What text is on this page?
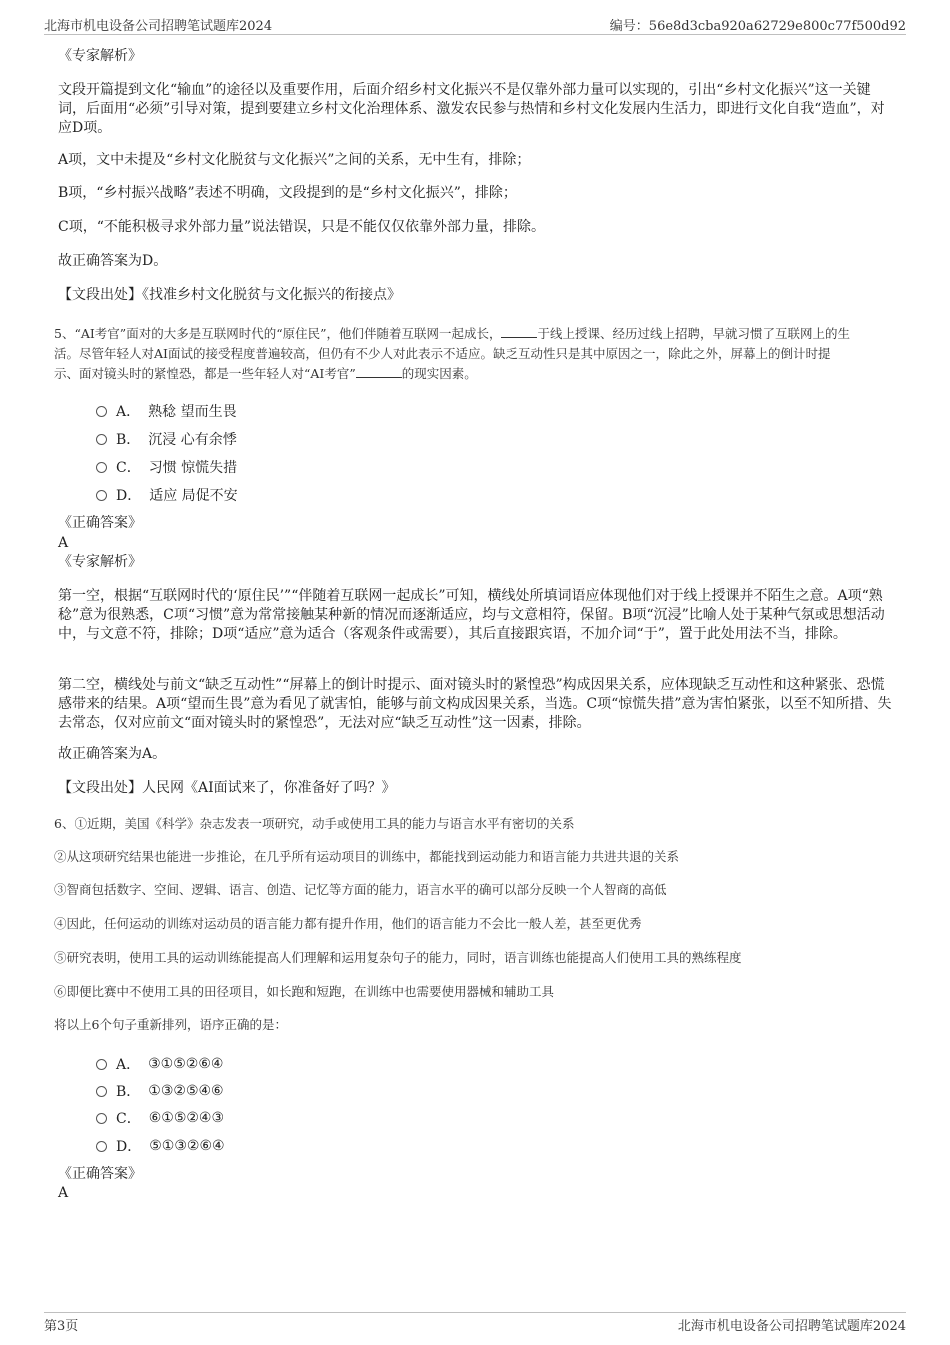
北海市机电设备公司招聘笔试题库2024	编号：56e8d3cba920a62729e800c77f500d92
《专家解析》
文段开篇提到文化“输血”的途径以及重要作用，后面介绍乡村文化振兴不是仅靠外部力量可以实现的，引出“乡村文化振兴”这一关键词，后面用“必须”引导对策，提到要建立乡村文化治理体系、激发农民参与热情和乡村文化发展内生活力，即进行文化自我“造血”，对应D项。
A项，文中未提及“乡村文化脱贫与文化振兴”之间的关系，无中生有，排除；
B项，“乡村振兴战略”表述不明确，文段提到的是“乡村文化振兴”，排除；
C项，“不能积极寻求外部力量”说法错误，只是不能仅仅依靠外部力量，排除。
故正确答案为D。
【文段出处】《找准乡村文化脱贫与文化振兴的衔接点》
5、“AI考官”面对的大多是互联网时代的“原住民”，他们伴随着互联网一起成长，	于线上授课、经历过线上招聘，早就习惯了互联网上的生
活。尽管年轻人对AI面试的接受程度普遍较高，但仍有不少人对此表示不适应。缺乏互动性只是其中原因之一，除此之外，屏幕上的倒计时提
示、面对镜头时的紧惶恐，都是一些年轻人对“AI考官”	的现实因素。
A． 熟稔 望而生畏
B． 沉浸 心有余悸
C． 习惯 惊慌失措
D． 适应 局促不安
《正确答案》
A
《专家解析》
第一空，根据“互联网时代的‘原住民’”“伴随着互联网一起成长”可知，横线处所填词语应体现他们对于线上授课并不陌生之意。A项“熟稔”意为很熟悉，C项“习惯”意为常常接触某种新的情况而逐渐适应，均与文意相符，保留。B项“沉浸”比喻人处于某种气氛或思想活动中，与文意不符，排除；D项“适应”意为适合（客观条件或需要），其后直接跟宾语，不加介词“于”，置于此处用法不当，排除。
第二空，横线处与前文“缺乏互动性”“屏幕上的倒计时提示、面对镜头时的紧惶恐”构成因果关系，应体现缺乏互动性和这种紧张、恐慌感带来的结果。A项“望而生畏”意为看见了就害怕，能够与前文构成因果关系，当选。C项“惊慌失措”意为害怕紧张，以至不知所措、失去常态，仅对应前文“面对镜头时的紧惶恐”，无法对应“缺乏互动性”这一因素，排除。
故正确答案为A。
【文段出处】人民网《AI面试来了，你准备好了吗？》
6、①近期，美国《科学》杂志发表一项研究，动手或使用工具的能力与语言水平有密切的关系
②从这项研究结果也能进一步推论，在几乎所有运动项目的训练中，都能找到运动能力和语言能力共进共退的关系
③智商包括数字、空间、逻辑、语言、创造、记忆等方面的能力，语言水平的确可以部分反映一个人智商的高低
④因此，任何运动的训练对运动员的语言能力都有提升作用，他们的语言能力不会比一般人差，甚至更优秀
⑤研究表明，使用工具的运动训练能提高人们理解和运用复杂句子的能力，同时，语言训练也能提高人们使用工具的熟练程度
⑥即便比赛中不使用工具的田径项目，如长跑和短跑，在训练中也需要使用器械和辅助工具
将以上6个句子重新排列，语序正确的是：
A． ③①⑤②⑥④
B． ①③②⑤④⑥
C． ⑥①⑤②④③
D． ⑤①③②⑥④
《正确答案》
A
第3页	北海市机电设备公司招聘笔试题库2024
